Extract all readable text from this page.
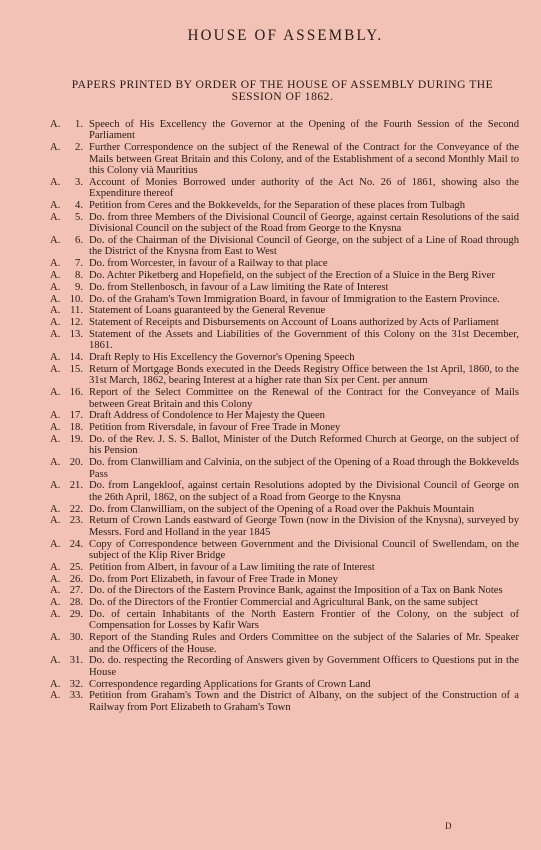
HOUSE OF ASSEMBLY.
PAPERS PRINTED BY ORDER OF THE HOUSE OF ASSEMBLY DURING THE SESSION OF 1862.
A.	1. Speech of His Excellency the Governor at the Opening of the Fourth Session of the Second Parliament
A.	2. Further Correspondence on the subject of the Renewal of the Contract for the Conveyance of the Mails between Great Britain and this Colony, and of the Establishment of a second Monthly Mail to this Colony vià Mauritius
A.	3. Account of Monies Borrowed under authority of the Act No. 26 of 1861, showing also the Expenditure thereof
A.	4. Petition from Ceres and the Bokkevelds, for the Separation of these places from Tulbagh
A.	5. Do. from three Members of the Divisional Council of George, against certain Resolutions of the said Divisional Council on the subject of the Road from George to the Knysna
A.	6. Do. of the Chairman of the Divisional Council of George, on the subject of a Line of Road through the District of the Knysna from East to West
A.	7. Do. from Worcester, in favour of a Railway to that place
A.	8. Do. Achter Piketberg and Hopefield, on the subject of the Erection of a Sluice in the Berg River
A.	9. Do. from Stellenbosch, in favour of a Law limiting the Rate of Interest
A. 10. Do. of the Graham's Town Immigration Board, in favour of Immigration to the Eastern Province.
A. 11. Statement of Loans guaranteed by the General Revenue
A. 12. Statement of Receipts and Disbursements on Account of Loans authorized by Acts of Parliament
A. 13. Statement of the Assets and Liabilities of the Government of this Colony on the 31st December, 1861.
A. 14. Draft Reply to His Excellency the Governor's Opening Speech
A. 15. Return of Mortgage Bonds executed in the Deeds Registry Office between the 1st April, 1860, to the 31st March, 1862, bearing Interest at a higher rate than Six per Cent. per annum
A. 16. Report of the Select Committee on the Renewal of the Contract for the Conveyance of Mails between Great Britain and this Colony
A. 17. Draft Address of Condolence to Her Majesty the Queen
A. 18. Petition from Riversdale, in favour of Free Trade in Money
A. 19. Do. of the Rev. J. S. S. Ballot, Minister of the Dutch Reformed Church at George, on the subject of his Pension
A. 20. Do. from Clanwilliam and Calvinia, on the subject of the Opening of a Road through the Bokkevelds Pass
A. 21. Do. from Langekloof, against certain Resolutions adopted by the Divisional Council of George on the 26th April, 1862, on the subject of a Road from George to the Knysna
A. 22. Do. from Clanwilliam, on the subject of the Opening of a Road over the Pakhuis Mountain
A. 23. Return of Crown Lands eastward of George Town (now in the Division of the Knysna), surveyed by Messrs. Ford and Holland in the year 1845
A. 24. Copy of Correspondence between Government and the Divisional Council of Swellendam, on the subject of the Klip River Bridge
A. 25. Petition from Albert, in favour of a Law limiting the rate of Interest
A. 26. Do. from Port Elizabeth, in favour of Free Trade in Money
A. 27. Do. of the Directors of the Eastern Province Bank, against the Imposition of a Tax on Bank Notes
A. 28. Do. of the Directors of the Frontier Commercial and Agricultural Bank, on the same subject
A. 29. Do. of certain Inhabitants of the North Eastern Frontier of the Colony, on the subject of Compensation for Losses by Kafir Wars
A. 30. Report of the Standing Rules and Orders Committee on the subject of the Salaries of Mr. Speaker and the Officers of the House.
A. 31. Do. do. respecting the Recording of Answers given by Government Officers to Questions put in the House
A. 32. Correspondence regarding Applications for Grants of Crown Land
A. 33. Petition from Graham's Town and the District of Albany, on the subject of the Construction of a Railway from Port Elizabeth to Graham's Town
D
